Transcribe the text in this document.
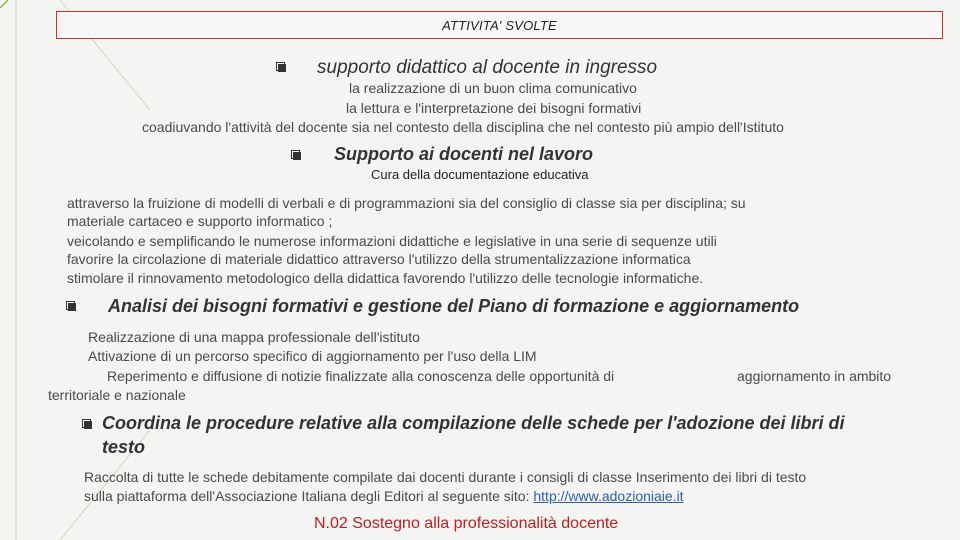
ATTIVITA' SVOLTE
supporto didattico al docente in ingresso
la realizzazione di un buon clima comunicativo
la lettura e l'interpretazione dei bisogni formativi
coadiuvando l'attività del docente sia nel contesto della disciplina che nel contesto più ampio dell'Istituto
Supporto ai docenti nel lavoro
Cura della documentazione educativa
attraverso la fruizione di modelli di verbali e di programmazioni sia del consiglio di classe sia per disciplina; su
materiale cartaceo e supporto informatico ;
veicolando e semplificando le numerose informazioni didattiche e legislative in una serie di sequenze utili
favorire la circolazione di materiale didattico attraverso l'utilizzo della strumentalizzazione informatica
stimolare il rinnovamento metodologico della didattica favorendo l'utilizzo delle tecnologie informatiche.
Analisi dei bisogni formativi e gestione del Piano di formazione e aggiornamento
Realizzazione di una mappa professionale dell'istituto
Attivazione di un percorso specifico di aggiornamento per l'uso della LIM
Reperimento e diffusione di notizie finalizzate alla conoscenza delle opportunità di	aggiornamento in ambito
territoriale e nazionale
Coordina le procedure relative alla compilazione delle schede per l'adozione dei libri di
testo
Raccolta di tutte le schede debitamente compilate dai docenti durante i consigli di classe Inserimento dei libri di testo
sulla piattaforma dell'Associazione Italiana degli Editori al seguente sito: http://www.adozioniaie.it
N.02 Sostegno alla professionalità docente
